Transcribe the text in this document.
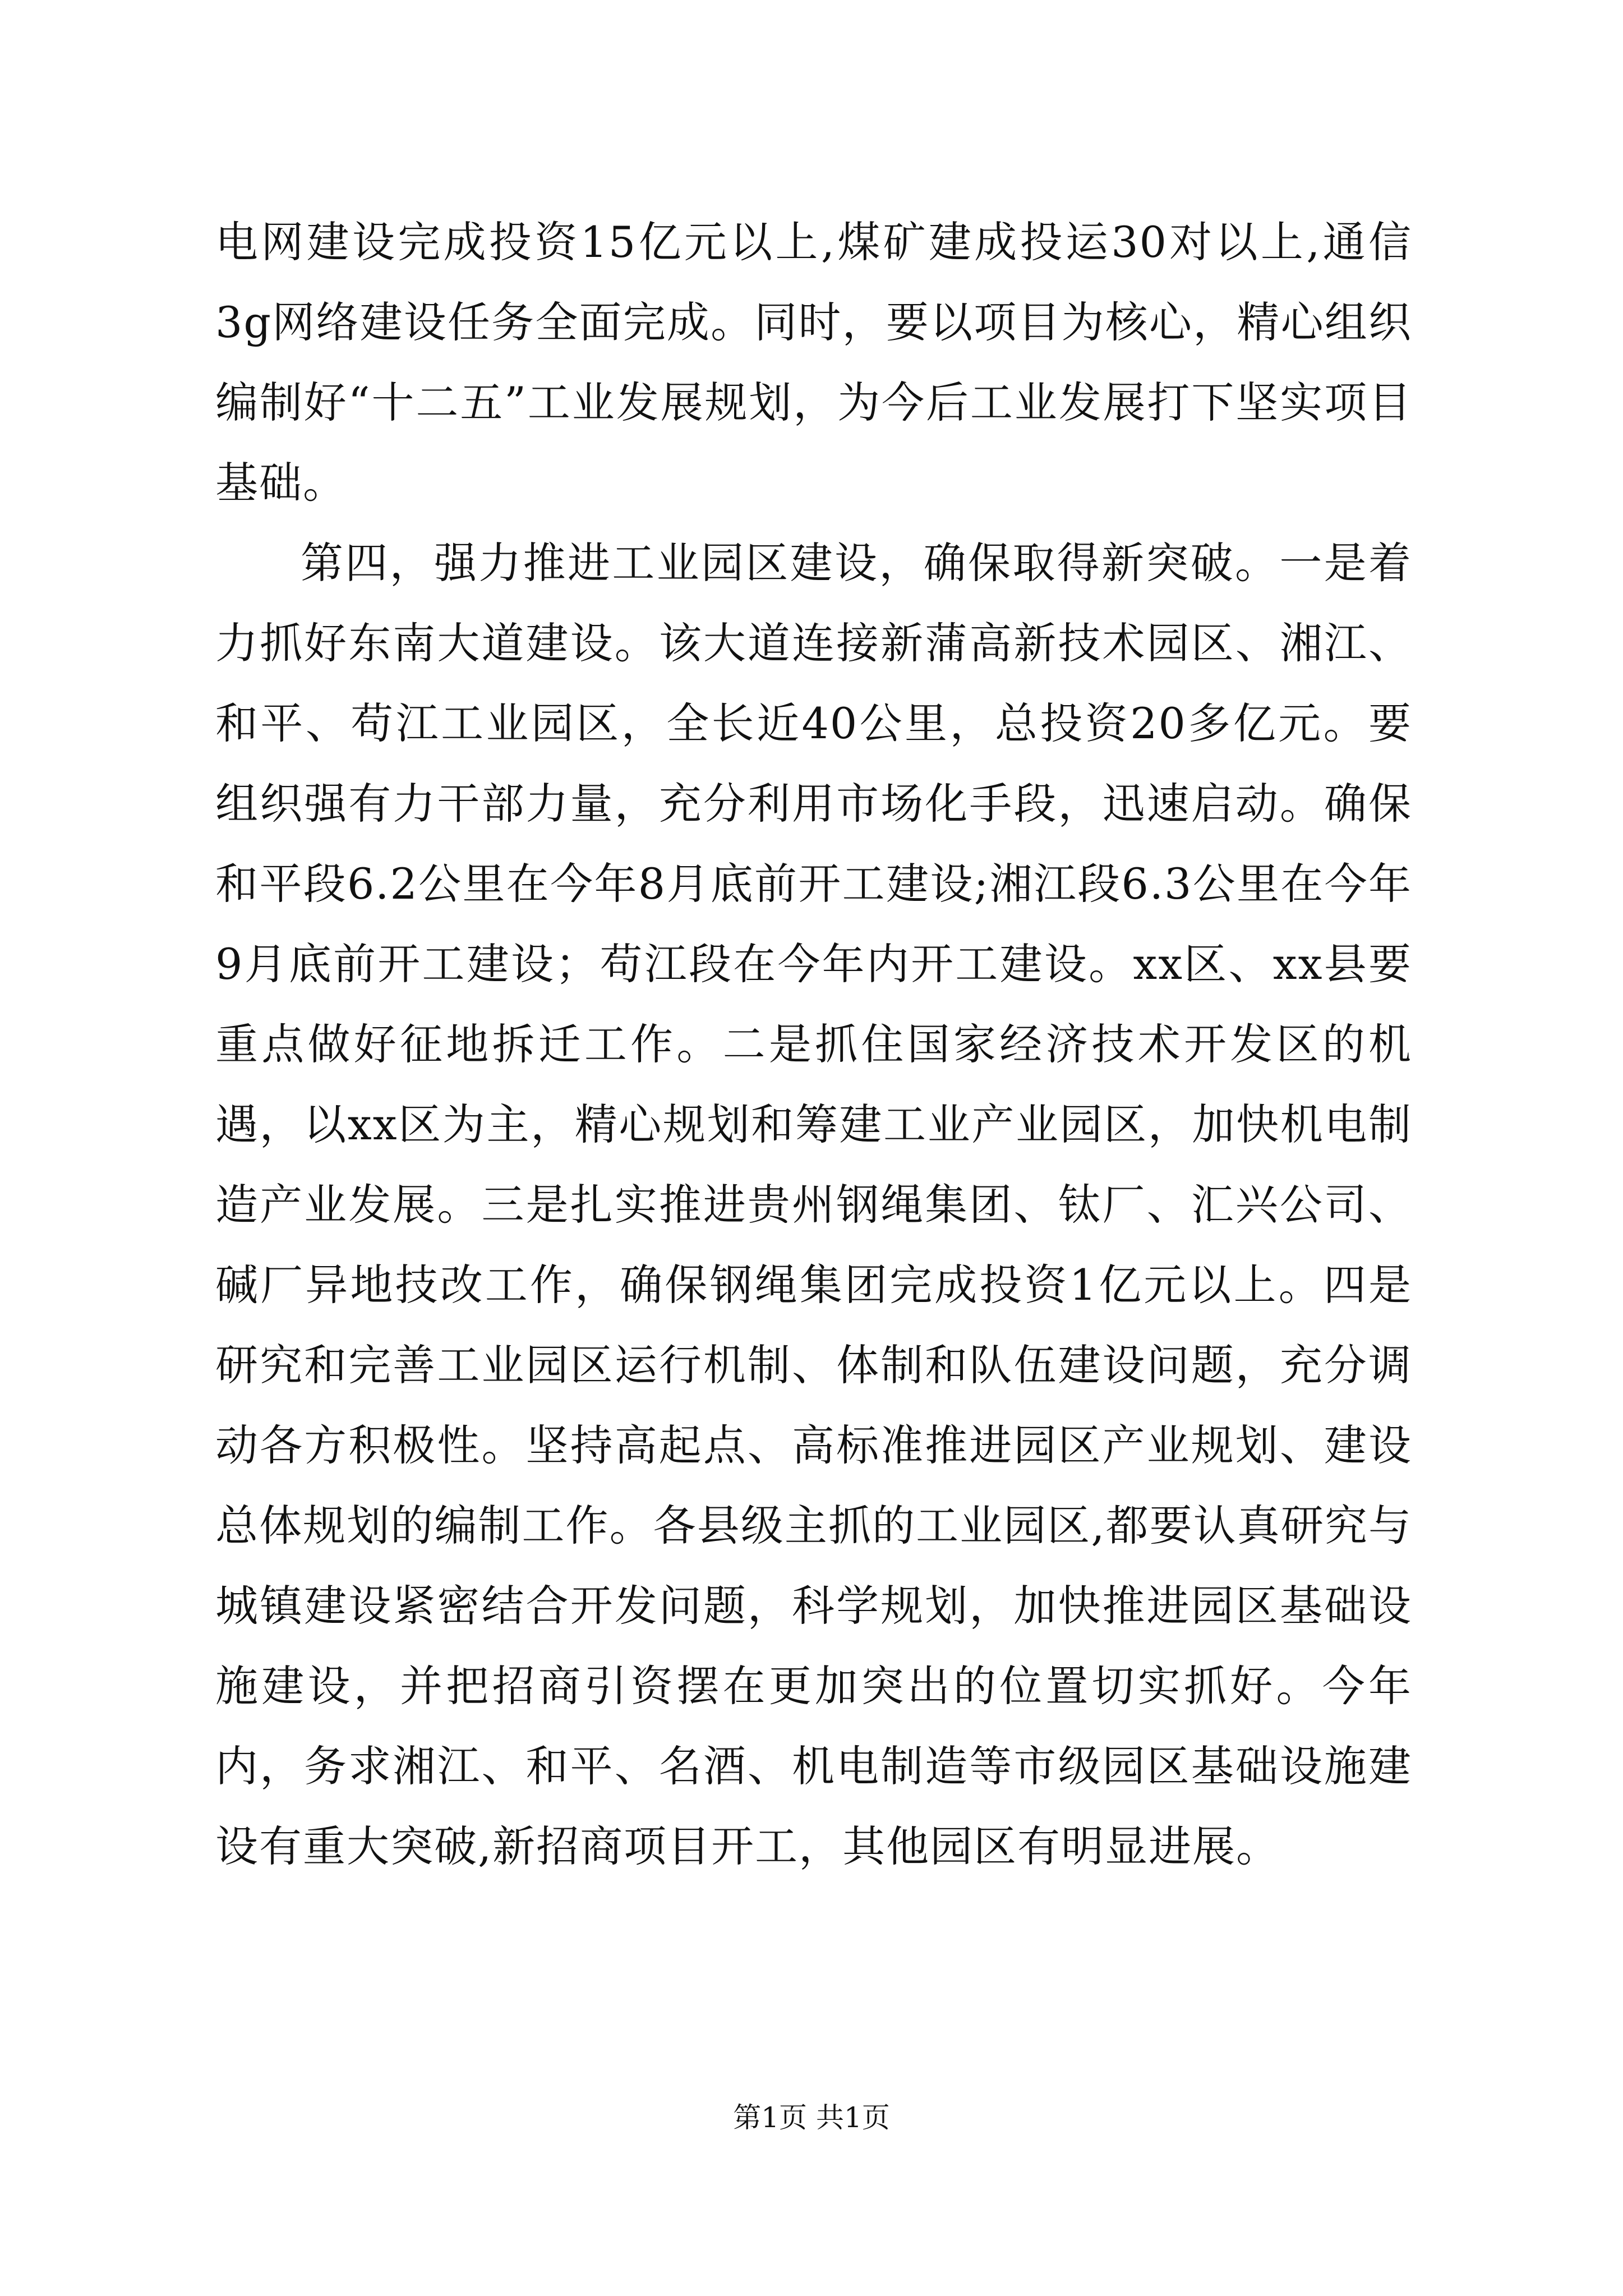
电网建设完成投资15亿元以上,煤矿建成投运30对以上,通信3g网络建设任务全面完成。同时，要以项目为核心，精心组织编制好“十二五”工业发展规划，为今后工业发展打下坚实项目基础。

第四，强力推进工业园区建设，确保取得新突破。一是着力抓好东南大道建设。该大道连接新蒲高新技术园区、湘江、和平、苟江工业园区，全长近40公里，总投资20多亿元。要组织强有力干部力量，充分利用市场化手段，迅速启动。确保和平段6.2公里在今年8月底前开工建设;湘江段6.3公里在今年9月底前开工建设；苟江段在今年内开工建设。xx区、xx县要重点做好征地拆迁工作。二是抓住国家经济技术开发区的机遇，以xx区为主，精心规划和筹建工业产业园区，加快机电制造产业发展。三是扎实推进贵州钢绳集团、钛厂、汇兴公司、碱厂异地技改工作，确保钢绳集团完成投资1亿元以上。四是研究和完善工业园区运行机制、体制和队伍建设问题，充分调动各方积极性。坚持高起点、高标准推进园区产业规划、建设总体规划的编制工作。各县级主抓的工业园区,都要认真研究与城镇建设紧密结合开发问题，科学规划，加快推进园区基础设施建设，并把招商引资摆在更加突出的位置切实抓好。今年内，务求湘江、和平、名酒、机电制造等市级园区基础设施建设有重大突破,新招商项目开工，其他园区有明显进展。

第1页 共1页
